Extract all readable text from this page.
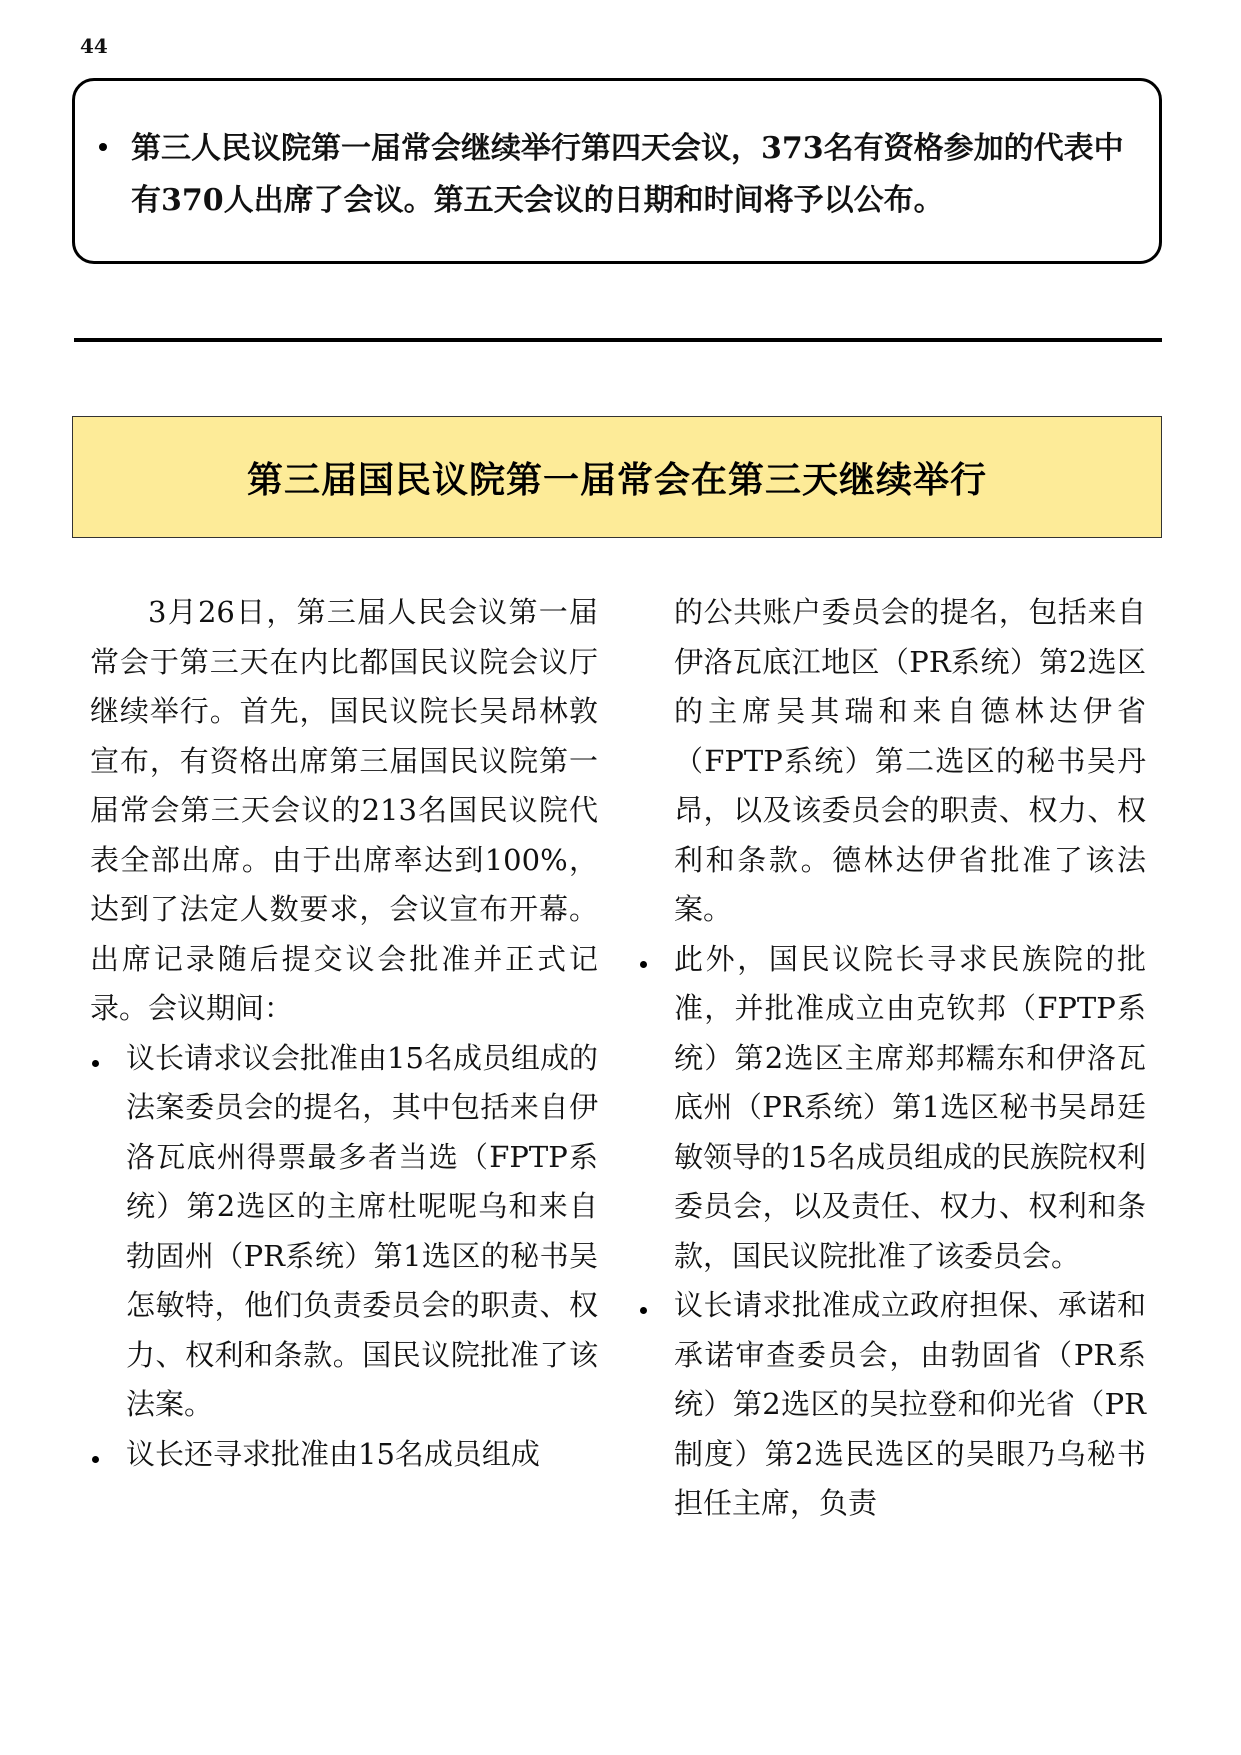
44
第三人民议院第一届常会继续举行第四天会议，373名有资格参加的代表中有370人出席了会议。第五天会议的日期和时间将予以公布。
第三届国民议院第一届常会在第三天继续举行

3月26日，第三届人民会议第一届常会于第三天在内比都国民议院会议厅继续举行。首先，国民议院长吴昂林敦宣布，有资格出席第三届国民议院第一届常会第三天会议的213名国民议院代表全部出席。由于出席率达到100%，达到了法定人数要求，会议宣布开幕。出席记录随后提交议会批准并正式记录。会议期间：

议长请求议会批准由15名成员组成的法案委员会的提名，其中包括来自伊洛瓦底州得票最多者当选（FPTP系统）第2选区的主席杜呢呢乌和来自勃固州（PR系统）第1选区的秘书吴怎敏特，他们负责委员会的职责、权力、权利和条款。国民议院批准了该法案。
议长还寻求批准由15名成员组成

的公共账户委员会的提名，包括来自伊洛瓦底江地区（PR系统）第2选区的主席吴其瑞和来自德林达伊省（FPTP系统）第二选区的秘书吴丹昂，以及该委员会的职责、权力、权利和条款。德林达伊省批准了该法案。

此外，国民议院长寻求民族院的批准，并批准成立由克钦邦（FPTP系统）第2选区主席郑邦糯东和伊洛瓦底州（PR系统）第1选区秘书吴昂廷敏领导的15名成员组成的民族院权利委员会，以及责任、权力、权利和条款，国民议院批准了该委员会。
议长请求批准成立政府担保、承诺和承诺审查委员会，由勃固省（PR系统）第2选区的吴拉登和仰光省（PR制度）第2选民选区的吴眼乃乌秘书担任主席，负责
